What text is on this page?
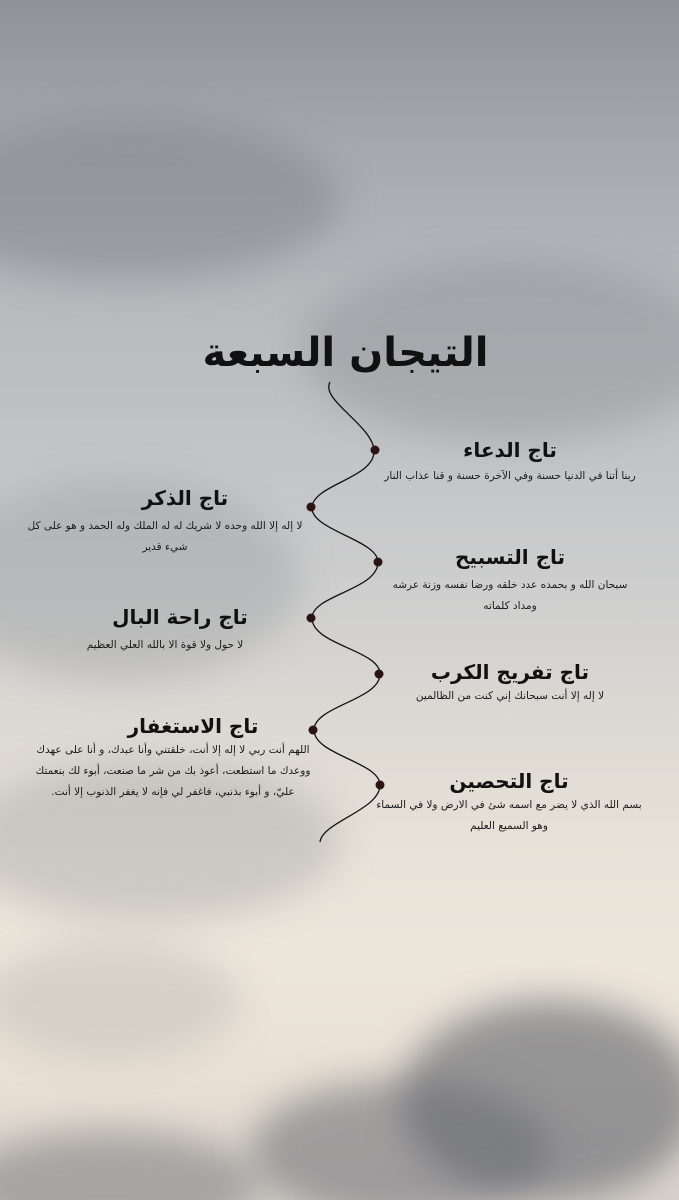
التيجان السبعة
تاج الدعاء

ربنا أتنا في الدنيا حسنة وفي الآخرة حسنة و قنا عذاب النار

تاج الذكر

لا إله إلا الله وحده لا شريك له له الملك وله الحمد و هو على كل شيء قدير	تاج التسبيح

سبحان الله و بحمده عدد خلقه ورضا نفسه وزنة عرشه ومداد كلماته

تاج راحة البال

لا حول ولا قوة الا بالله العلي العظيم

تاج تفريج الكرب

لا إله إلا أنت سبحانك إني كنت من الظالمين

تاج الاستغفار

اللهم أنت ربي لا إله إلا أنت، خلقتني وأنا عبدك، و أنا على عهدك ووعدك ما استطعت، أعوذ بك من شر ما صنعت، أبوء لك بنعمتك عليّ، و أبوء بذنبي، فاغفر لي فإنه لا يغفر الذنوب إلا أنت.	تاج التحصين

بسم الله الذي لا يضر مع اسمه شئ في الارض ولا في السماء وهو السميع العليم
